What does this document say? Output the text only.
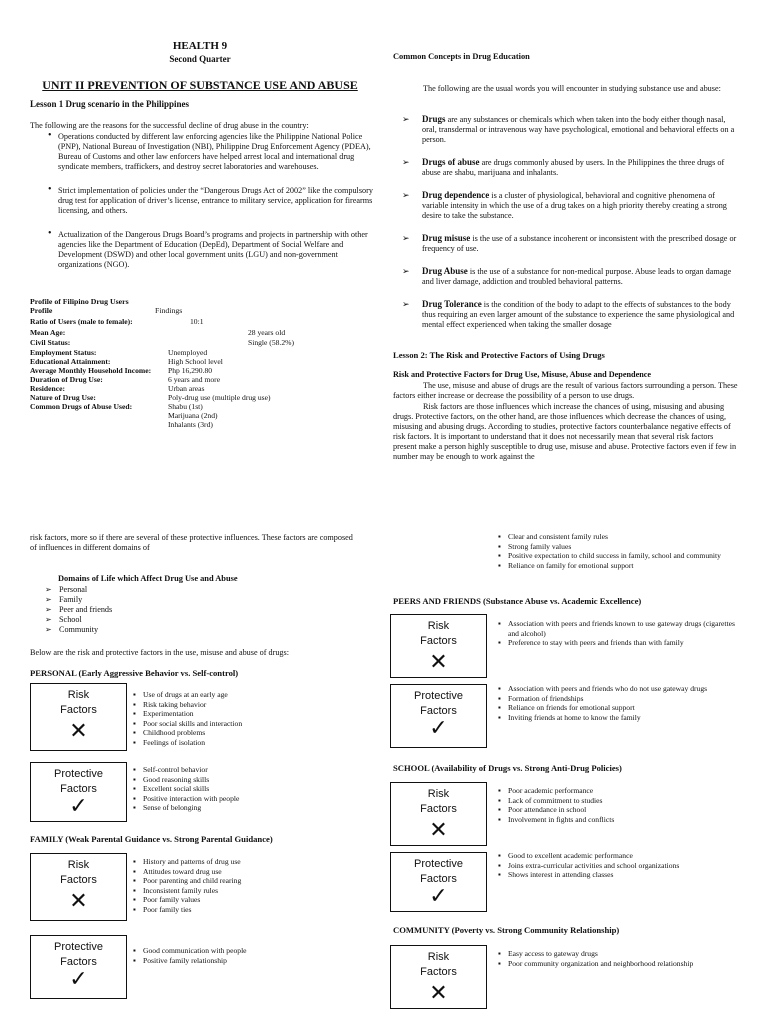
HEALTH 9
Second Quarter
UNIT II PREVENTION OF SUBSTANCE USE AND ABUSE
Lesson 1 Drug scenario in the Philippines
The following are the reasons for the successful decline of drug abuse in the country:
• Operations conducted by different law enforcing agencies like the Philippine National Police (PNP), National Bureau of Investigation (NBI), Philippine Drug Enforcement Agency (PDEA), Bureau of Customs and other law enforcers have helped arrest local and international drug syndicate members, traffickers, and destroy secret laboratories and warehouses.
• Strict implementation of policies under the “Dangerous Drugs Act of 2002” like the compulsory drug test for application of driver’s license, entrance to military service, application for firearms licensing, and others.
• Actualization of the Dangerous Drugs Board’s programs and projects in partnership with other agencies like the Department of Education (DepEd), Department of Social Welfare and Development (DSWD) and other local government units (LGU) and non-government organizations (NGO).
Profile of Filipino Drug Users
Profile	Findings
Ratio of Users (male to female):	10:1
Mean Age:	28 years old
Civil Status:	Single (58.2%)
Employment Status:	Unemployed
Educational Attainment:	High School level
Average Monthly Household Income: Php 16,290.80
Duration of Drug Use:	6 years and more
Residence:	Urban areas
Nature of Drug Use:	Poly-drug use (multiple drug use)
Common Drugs of Abuse Used:	Shabu (1st)
Marijuana (2nd)
Inhalants (3rd)
Common Concepts in Drug Education
The following are the usual words you will encounter in studying substance use and abuse:
➢ Drugs are any substances or chemicals which when taken into the body either though nasal, oral, transdermal or intravenous way have psychological, emotional and behavioral effects on a person.
➢ Drugs of abuse are drugs commonly abused by users. In the Philippines the three drugs of abuse are shabu, marijuana and inhalants.
➢ Drug dependence is a cluster of physiological, behavioral and cognitive phenomena of variable intensity in which the use of a drug takes on a high priority thereby creating a strong desire to take the substance.
➢ Drug misuse is the use of a substance incoherent or inconsistent with the prescribed dosage or frequency of use.
➢ Drug Abuse is the use of a substance for non-medical purpose. Abuse leads to organ damage and liver damage, addiction and troubled behavioral patterns.
➢ Drug Tolerance is the condition of the body to adapt to the effects of substances to the body thus requiring an even larger amount of the substance to experience the same physiological and mental effect experienced when taking the smaller dosage
Lesson 2: The Risk and Protective Factors of Using Drugs
Risk and Protective Factors for Drug Use, Misuse, Abuse and Dependence
The use, misuse and abuse of drugs are the result of various factors surrounding a person. These factors either increase or decrease the possibility of a person to use drugs.
Risk factors are those influences which increase the chances of using, misusing and abusing drugs. Protective factors, on the other hand, are those influences which decrease the chances of using, misusing and abusing drugs. According to studies, protective factors counterbalance negative effects of risk factors. It is important to understand that it does not necessarily mean that several risk factors present make a person highly susceptible to drug use, misuse and abuse. Protective factors even if few in number may be enough to work against the
risk factors, more so if there are several of these protective influences. These factors are composed of influences in different domains of
Domains of Life which Affect Drug Use and Abuse
➢ Personal
➢ Family
➢ Peer and friends
➢ School
➢ Community
Below are the risk and protective factors in the use, misuse and abuse of drugs:
PERSONAL (Early Aggressive Behavior vs. Self-control)
Risk
Factors
✕
▪ Use of drugs at an early age
▪ Risk taking behavior
▪ Experimentation
▪ Poor social skills and interaction
▪ Childhood problems
▪ Feelings of isolation
Protective
Factors
✓
▪ Self-control behavior
▪ Good reasoning skills
▪ Excellent social skills
▪ Positive interaction with people
▪ Sense of belonging
FAMILY (Weak Parental Guidance vs. Strong Parental Guidance)
Risk
Factors
✕
▪ History and patterns of drug use
▪ Attitudes toward drug use
▪ Poor parenting and child rearing
▪ Inconsistent family rules
▪ Poor family values
▪ Poor family ties
Protective
Factors
✓
▪ Good communication with people
▪ Positive family relationship
▪ Clear and consistent family rules
▪ Strong family values
▪ Positive expectation to child success in family, school and community
▪ Reliance on family for emotional support
PEERS AND FRIENDS (Substance Abuse vs. Academic Excellence)
Risk
Factors
✕
▪ Association with peers and friends known to use gateway drugs (cigarettes and alcohol)
▪ Preference to stay with peers and friends than with family
Protective
Factors
✓
▪ Association with peers and friends who do not use gateway drugs
▪ Formation of friendships
▪ Reliance on friends for emotional support
▪ Inviting friends at home to know the family
SCHOOL (Availability of Drugs vs. Strong Anti-Drug Policies)
Risk
Factors
✕
▪ Poor academic performance
▪ Lack of commitment to studies
▪ Poor attendance in school
▪ Involvement in fights and conflicts
Protective
Factors
✓
▪ Good to excellent academic performance
▪ Joins extra-curricular activities and school organizations
▪ Shows interest in attending classes
COMMUNITY (Poverty vs. Strong Community Relationship)
Risk
Factors
✕
▪ Easy access to gateway drugs
▪ Poor community organization and neighborhood relationship
